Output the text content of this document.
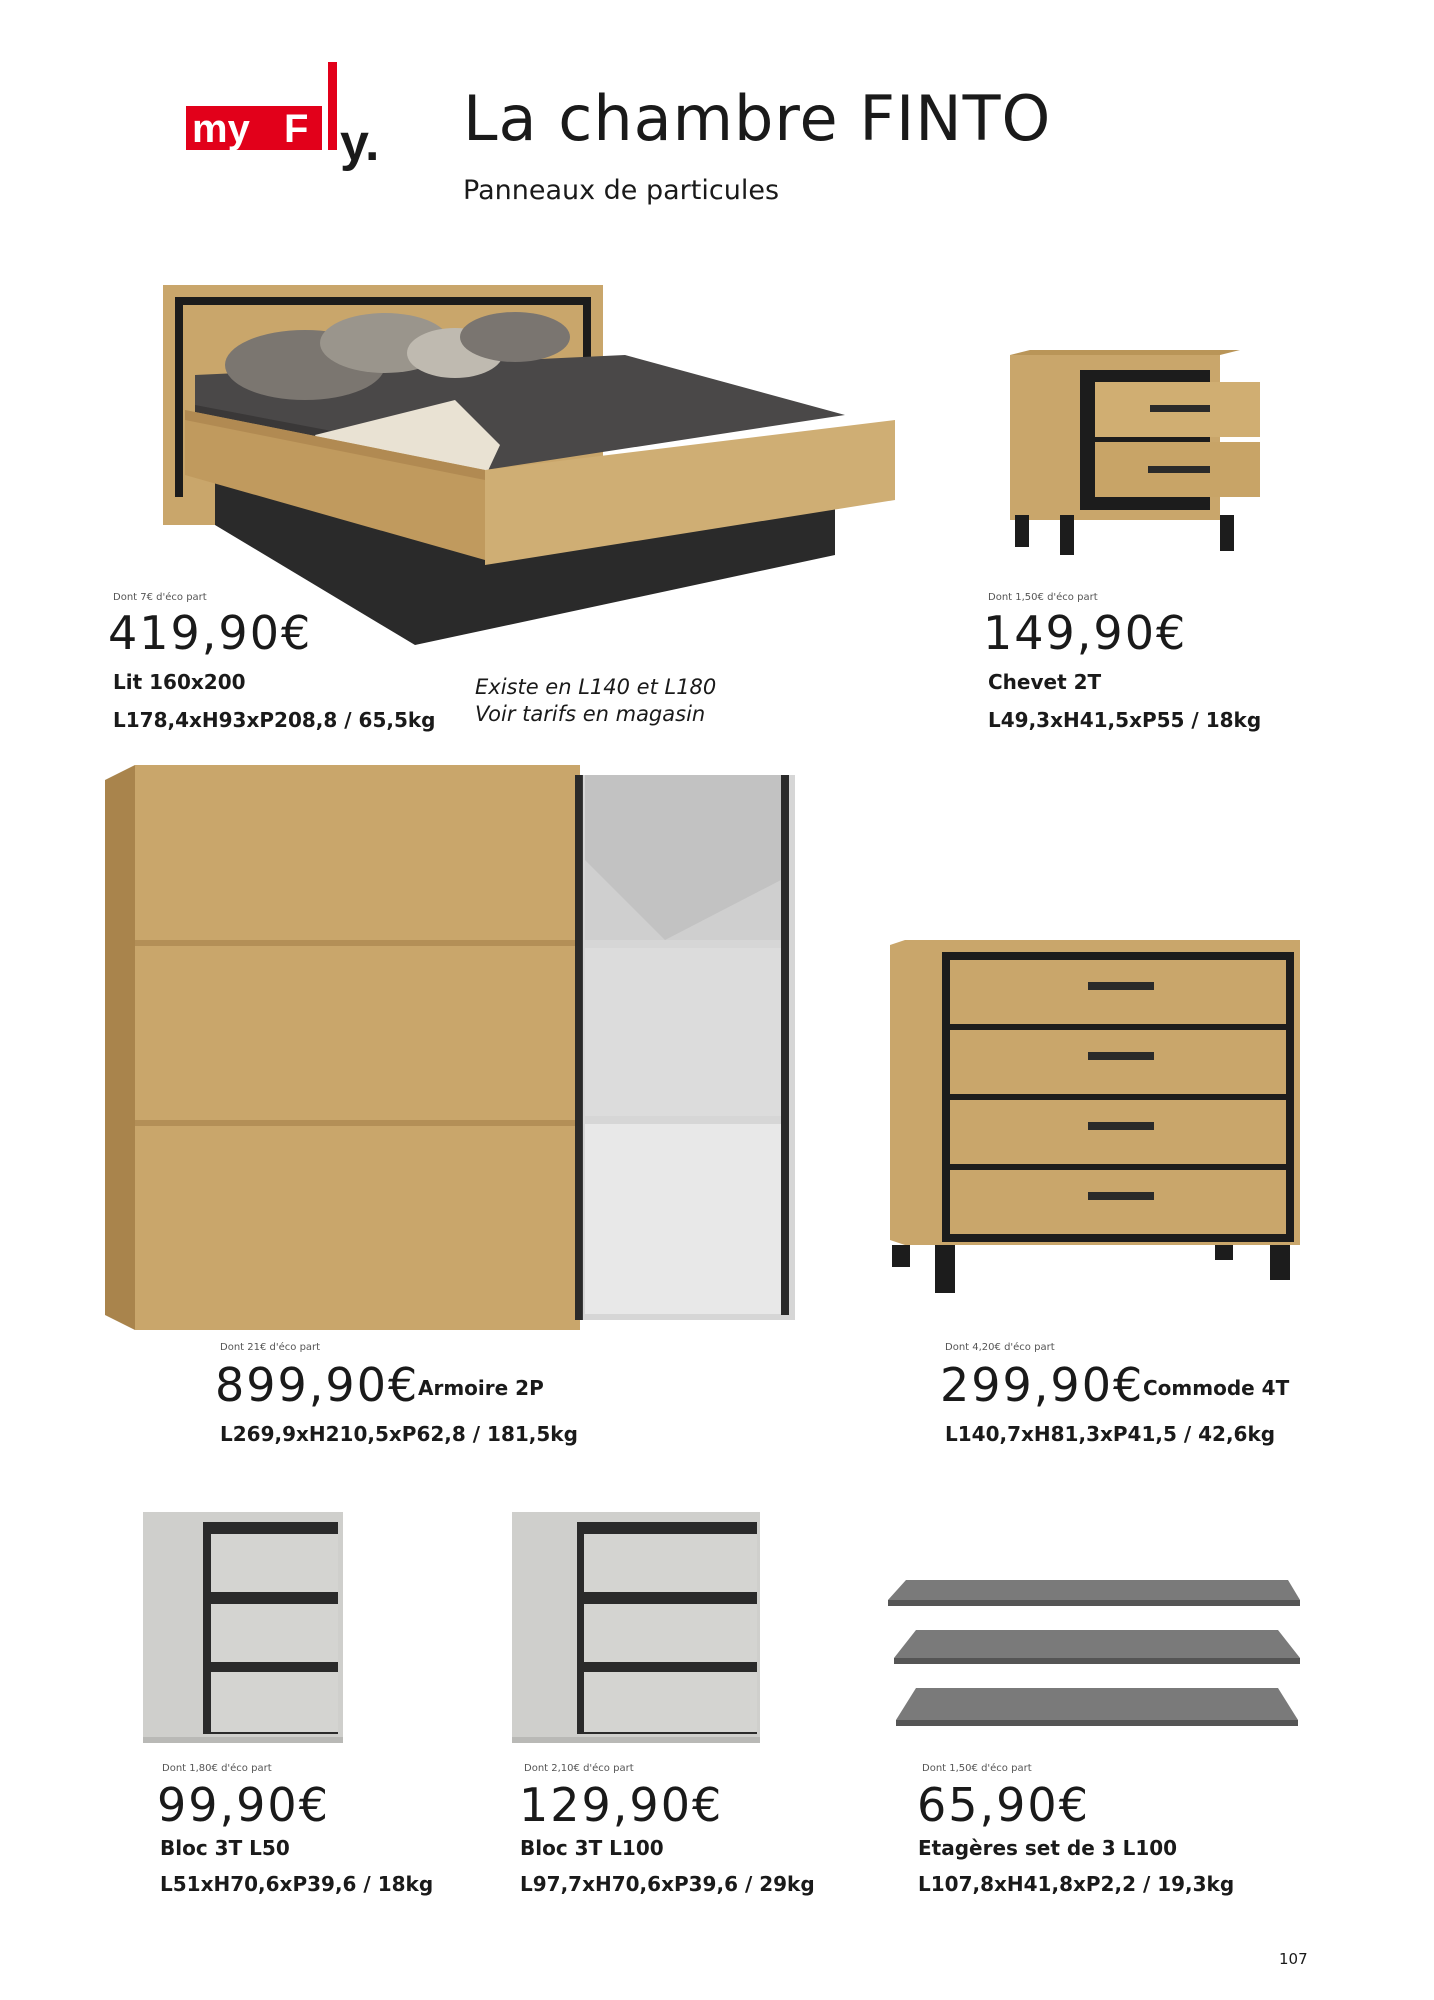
my F y. La chambre FINTO
Panneaux de particules
Dont 7€ d'éco part
419,90€
Lit 160x200
L178,4xH93xP208,8 / 65,5kg
Existe en L140 et L180
Voir tarifs en magasin
Dont 1,50€ d'éco part
149,90€
Chevet 2T
L49,3xH41,5xP55 / 18kg
Dont 21€ d'éco part
899,90€
Armoire 2P
L269,9xH210,5xP62,8 / 181,5kg
Dont 4,20€ d'éco part
299,90€
Commode 4T
L140,7xH81,3xP41,5 / 42,6kg
Dont 1,80€ d'éco part
99,90€
Bloc 3T L50
L51xH70,6xP39,6 / 18kg
Dont 2,10€ d'éco part
129,90€
Bloc 3T L100
L97,7xH70,6xP39,6 / 29kg
Dont 1,50€ d'éco part
65,90€
Etagères set de 3 L100
L107,8xH41,8xP2,2 / 19,3kg
107
